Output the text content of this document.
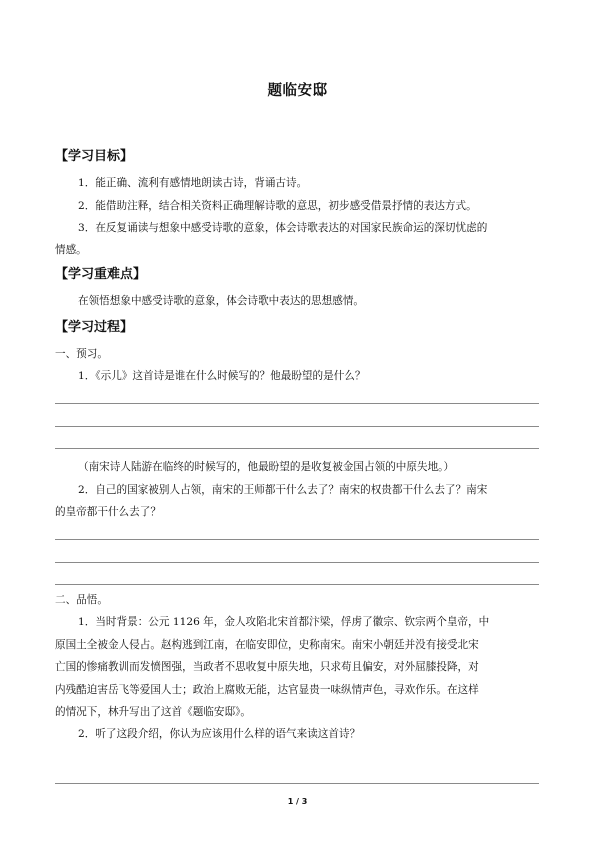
题临安邸
【学习目标】
1．能正确、流利有感情地朗读古诗，背诵古诗。
2．能借助注释，结合相关资料正确理解诗歌的意思，初步感受借景抒情的表达方式。
3．在反复诵读与想象中感受诗歌的意象，体会诗歌表达的对国家民族命运的深切忧虑的
情感。
【学习重难点】
在领悟想象中感受诗歌的意象，体会诗歌中表达的思想感情。
【学习过程】
一、预习。
1．《示儿》这首诗是谁在什么时候写的？他最盼望的是什么？
（南宋诗人陆游在临终的时候写的，他最盼望的是收复被金国占领的中原失地。）
2．自己的国家被别人占领，南宋的王师都干什么去了？南宋的权贵都干什么去了？南宋
的皇帝都干什么去了？
二、品悟。
1．当时背景：公元 1126 年，金人攻陷北宋首都汴梁，俘虏了徽宗、钦宗两个皇帝，中
原国土全被金人侵占。赵构逃到江南，在临安即位，史称南宋。南宋小朝廷并没有接受北宋
亡国的惨痛教训而发愤图强，当政者不思收复中原失地，只求苟且偏安，对外屈膝投降，对
内残酷迫害岳飞等爱国人士；政治上腐败无能，达官显贵一味纵情声色，寻欢作乐。在这样
的情况下，林升写出了这首《题临安邸》。
2．听了这段介绍，你认为应该用什么样的语气来读这首诗？
1 / 3
